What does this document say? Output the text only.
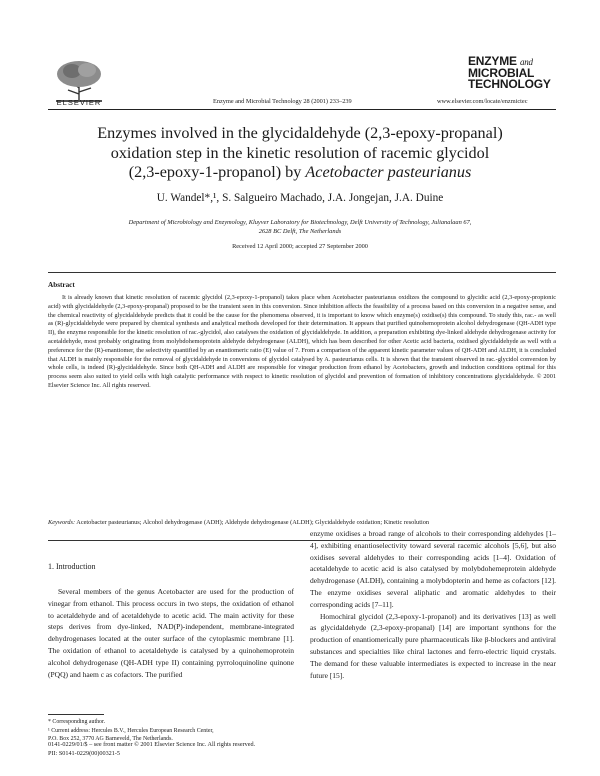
ELSEVIER	Enzyme and Microbial Technology 28 (2001) 233–239	www.elsevier.com/locate/enzmictec
ENZYME and
MICROBIAL
TECHNOLOGY
Enzymes involved in the glycidaldehyde (2,3-epoxy-propanal)
oxidation step in the kinetic resolution of racemic glycidol
(2,3-epoxy-1-propanol) by Acetobacter pasteurianus
U. Wandel*,¹, S. Salgueiro Machado, J.A. Jongejan, J.A. Duine
Department of Microbiology and Enzymology, Kluyver Laboratory for Biotechnology, Delft University of Technology, Julianalaan 67,
2628 BC Delft, The Netherlands
Received 12 April 2000; accepted 27 September 2000
Abstract
It is already known that kinetic resolution of racemic glycidol (2,3-epoxy-1-propanol) takes place when Acetobacter pasteurianus oxidizes the compound to glycidic acid (2,3-epoxy-propionic acid) with glycidaldehyde (2,3-epoxy-propanal) proposed to be the transient seen in this conversion. Since inhibition affects the feasibility of a process based on this conversion in a negative sense, and the chemical reactivity of glycidaldehyde predicts that it could be the cause for the phenomena observed, it is important to know which enzyme(s) oxidise(s) this compound. To study this, rac.- as well as (R)-glycidaldehyde were prepared by chemical synthesis and analytical methods developed for their determination. It appears that purified quinohemoprotein alcohol dehydrogenase (QH-ADH type II), the enzyme responsible for the kinetic resolution of rac.-glycidol, also catalyses the oxidation of glycidaldehyde. In addition, a preparation exhibiting dye-linked aldehyde dehydrogenase activity for acetaldehyde, most probably originating from molybdohemoprotein aldehyde dehydrogenase (ALDH), which has been described for other Acetic acid bacteria, oxidised glycidaldehyde as well with a preference for the (R)-enantiomer, the selectivity quantified by an enantiomeric ratio (E) value of 7. From a comparison of the apparent kinetic parameter values of QH-ADH and ALDH, it is concluded that ALDH is mainly responsible for the removal of glycidaldehyde in conversions of glycidol catalysed by A. pasteurianus cells. It is shown that the transient observed in rac.-glycidol conversion by whole cells, is indeed (R)-glycidaldehyde. Since both QH-ADH and ALDH are responsible for vinegar production from ethanol by Acetobacters, growth and induction conditions optimal for this process seem also suited to yield cells with high catalytic performance with respect to kinetic resolution of glycidol and prevention of formation of inhibitory concentrations glycidaldehyde. © 2001 Elsevier Science Inc. All rights reserved.
Keywords: Acetobacter pasteurianus; Alcohol dehydrogenase (ADH); Aldehyde dehydrogenase (ALDH); Glycidaldehyde oxidation; Kinetic resolution
1. Introduction

Several members of the genus Acetobacter are used for the production of vinegar from ethanol. This process occurs in two steps, the oxidation of ethanol to acetaldehyde and of acetaldehyde to acetic acid. The main activity for these steps derives from dye-linked, NAD(P)-independent, membrane-integrated dehydrogenases located at the outer surface of the cytoplasmic membrane [1]. The oxidation of ethanol to acetaldehyde is catalysed by a quinohemoprotein alcohol dehydrogenase (QH-ADH type II) containing pyrroloquinoline quinone (PQQ) and haem c as cofactors. The purified

enzyme oxidises a broad range of alcohols to their corresponding aldehydes [1–4], exhibiting enantioselectivity toward several racemic alcohols [5,6], but also oxidises several aldehydes to their corresponding acids [1–4]. Oxidation of acetaldehyde to acetic acid is also catalysed by molybdohemeprotein aldehyde dehydrogenase (ALDH), containing a molybdopterin and heme as cofactors [12]. The enzyme oxidises several aliphatic and aromatic aldehydes to their corresponding acids [7–11].

Homochiral glycidol (2,3-epoxy-1-propanol) and its derivatives [13] as well as glycidaldehyde (2,3-epoxy-propanal) [14] are important synthons for the production of enantiomerically pure pharmaceuticals like β-blockers and antiviral substances and specialties like chiral lactones and ferro-electric liquid crystals. The demand for these valuable intermediates is expected to increase in the near future [15].

* Corresponding author.
¹ Current address: Hercules B.V., Hercules European Research Center,
P.O. Box 252, 3770 AG Barneveld, The Netherlands.
0141-0229/01/$ – see front matter © 2001 Elsevier Science Inc. All rights reserved.
PII: S0141-0229(00)00321-5
